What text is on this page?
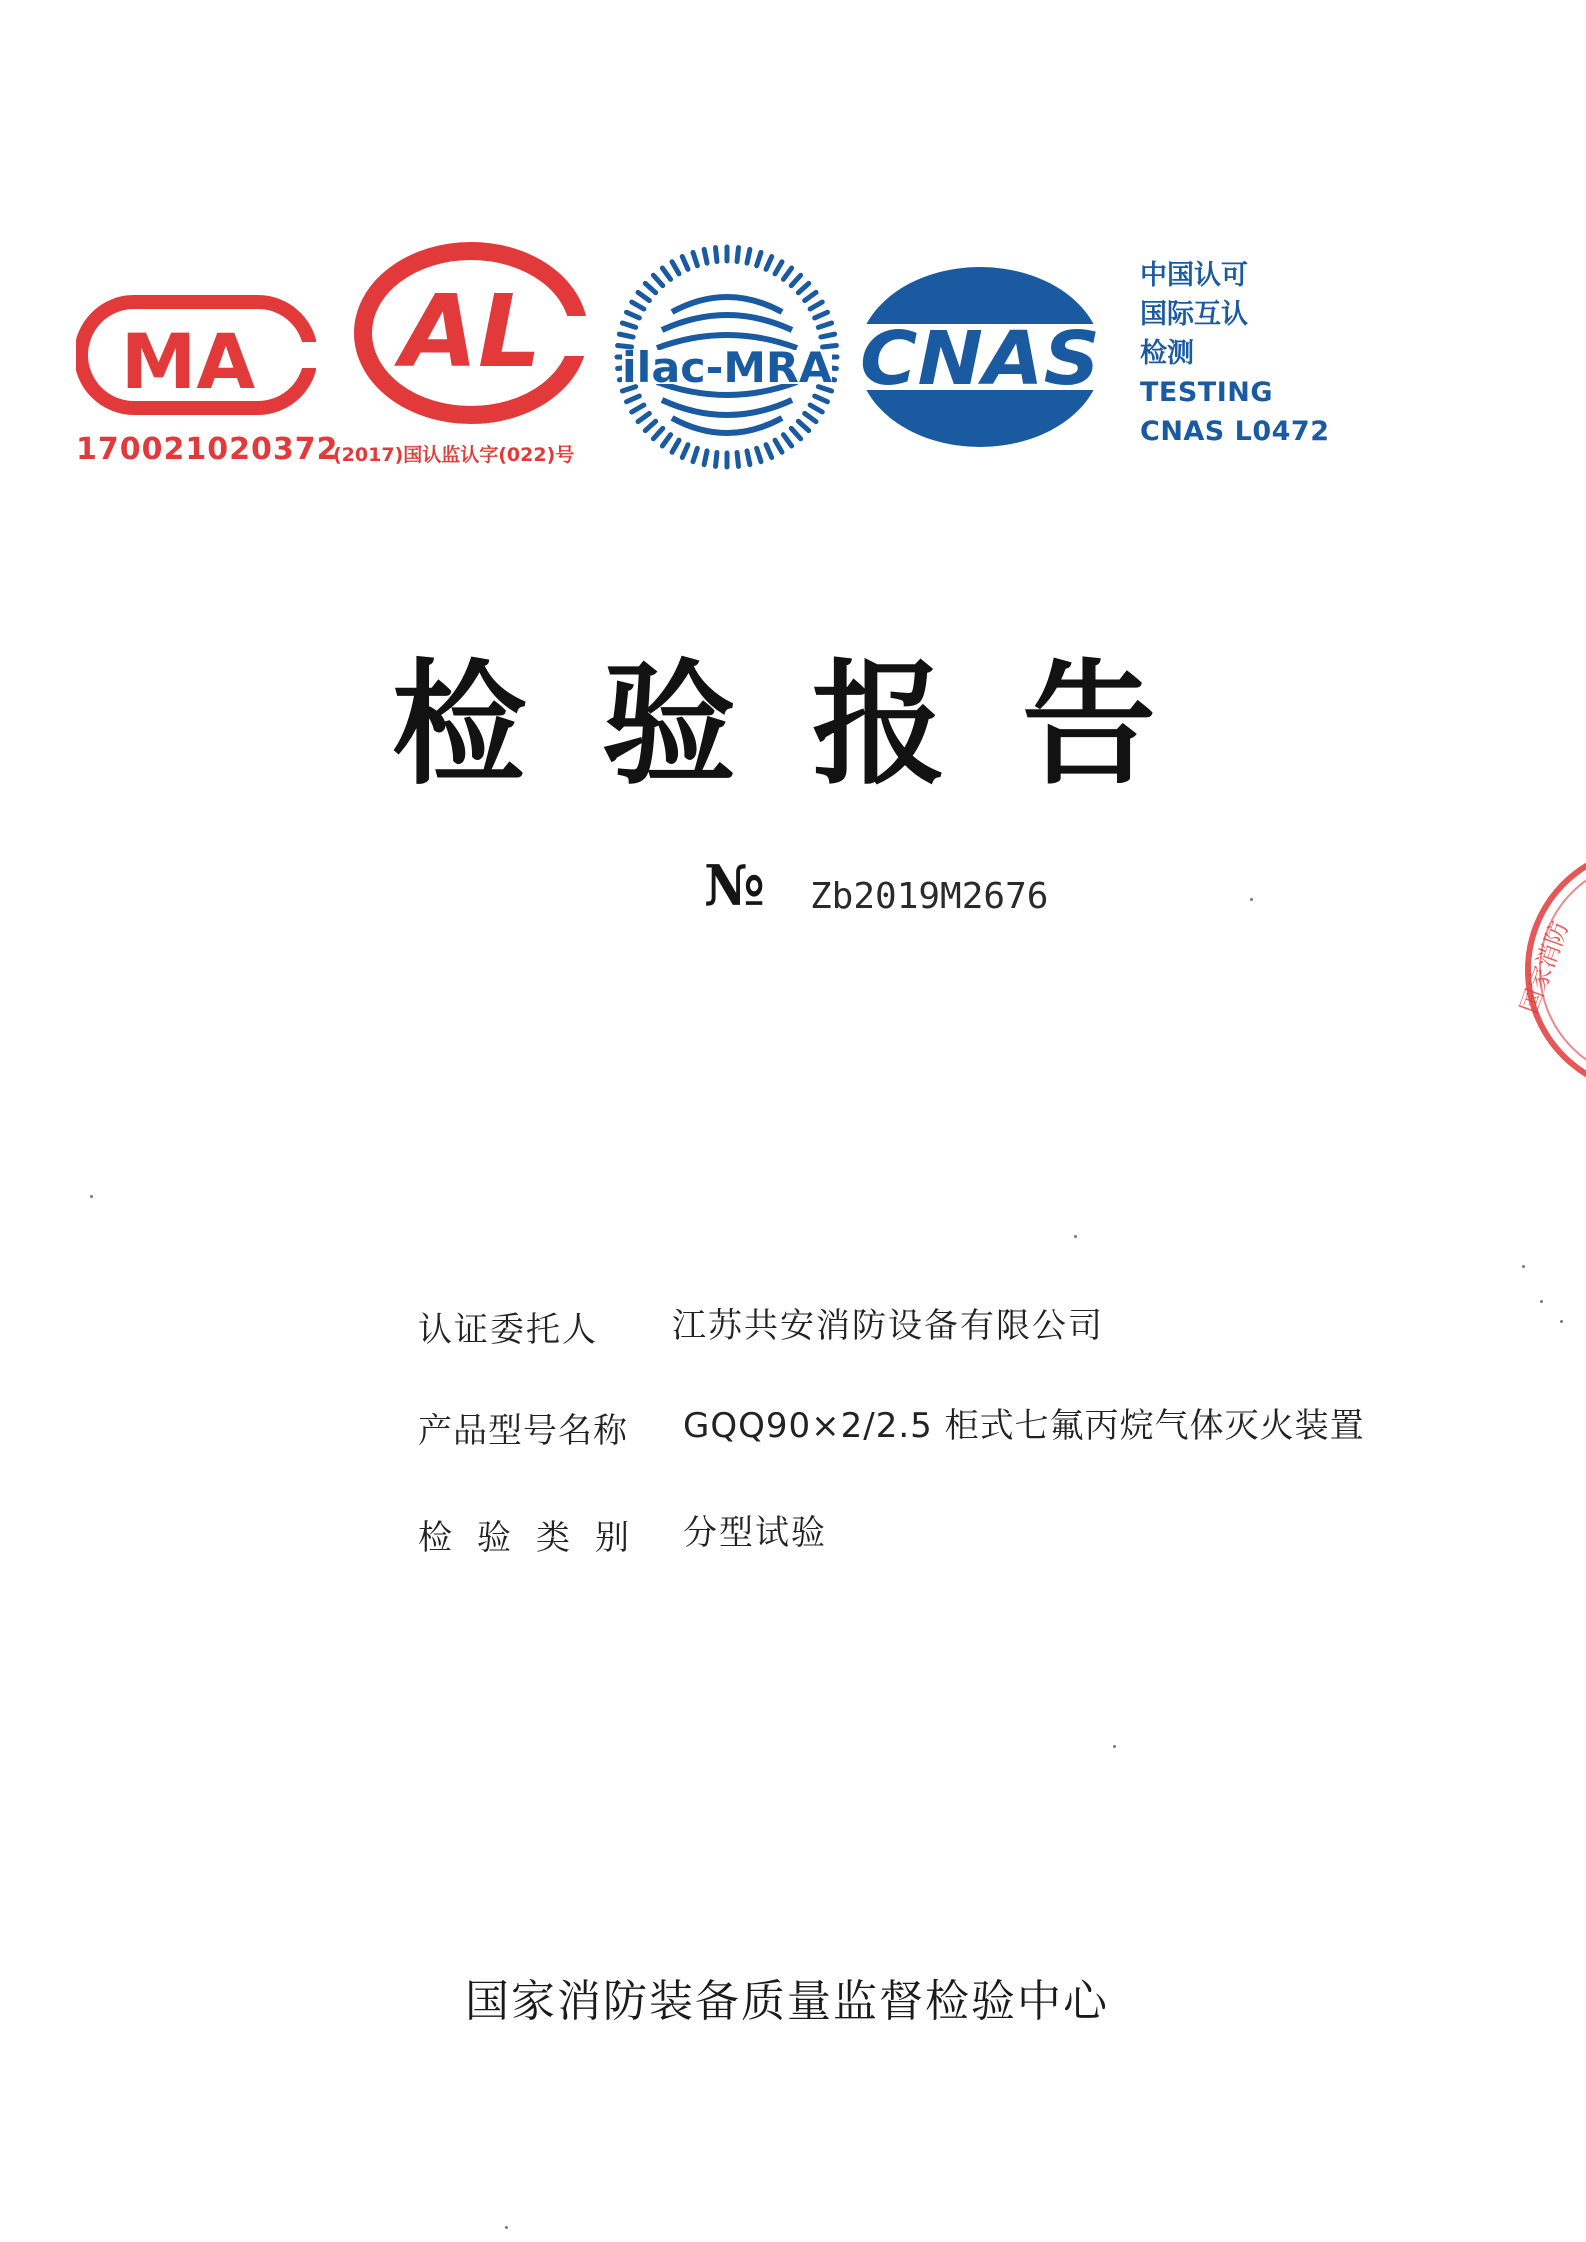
MA
170021020372
AL
(2017)国认监认字(022)号
ilac-MRA CNAS
中国认可
国际互认
检测
TESTING
CNAS L0472
检验报告
№ Zb2019M2676
认证委托人 江苏共安消防设备有限公司
产品型号名称 GQQ90×2/2.5 柜式七氟丙烷气体灭火装置
检验类别 分型试验
国家消防装备质量监督检验中心
国家消防
